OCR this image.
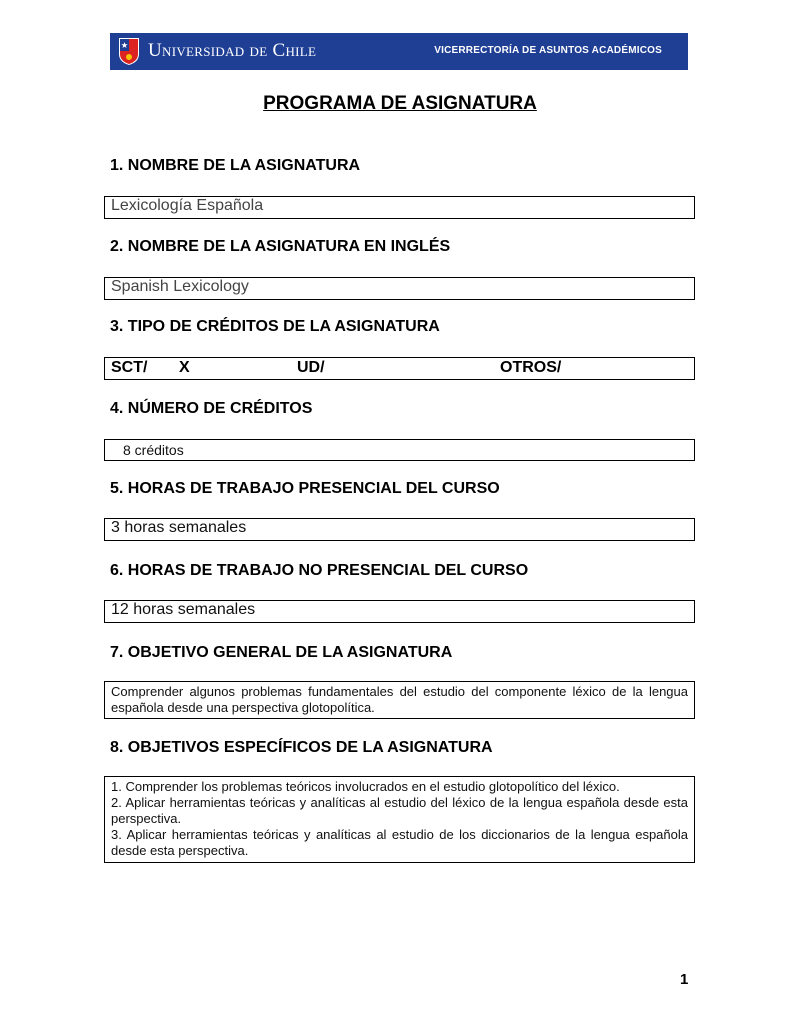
Universidad de Chile	VICERRECTORÍA DE ASUNTOS ACADÉMICOS
PROGRAMA DE ASIGNATURA
1. NOMBRE DE LA ASIGNATURA
Lexicología Española
2. NOMBRE DE LA ASIGNATURA EN INGLÉS
Spanish Lexicology
3. TIPO DE CRÉDITOS DE LA ASIGNATURA
SCT/ X	UD/	OTROS/
4. NÚMERO DE CRÉDITOS
8 créditos
5. HORAS DE TRABAJO PRESENCIAL DEL CURSO
3 horas semanales
6. HORAS DE TRABAJO NO PRESENCIAL DEL CURSO
12 horas semanales
7. OBJETIVO GENERAL DE LA ASIGNATURA
Comprender algunos problemas fundamentales del estudio del componente léxico de la lengua española desde una perspectiva glotopolítica.
8. OBJETIVOS ESPECÍFICOS DE LA ASIGNATURA
1. Comprender los problemas teóricos involucrados en el estudio glotopolítico del léxico.
2. Aplicar herramientas teóricas y analíticas al estudio del léxico de la lengua española desde esta perspectiva.
3. Aplicar herramientas teóricas y analíticas al estudio de los diccionarios de la lengua española desde esta perspectiva.
1
